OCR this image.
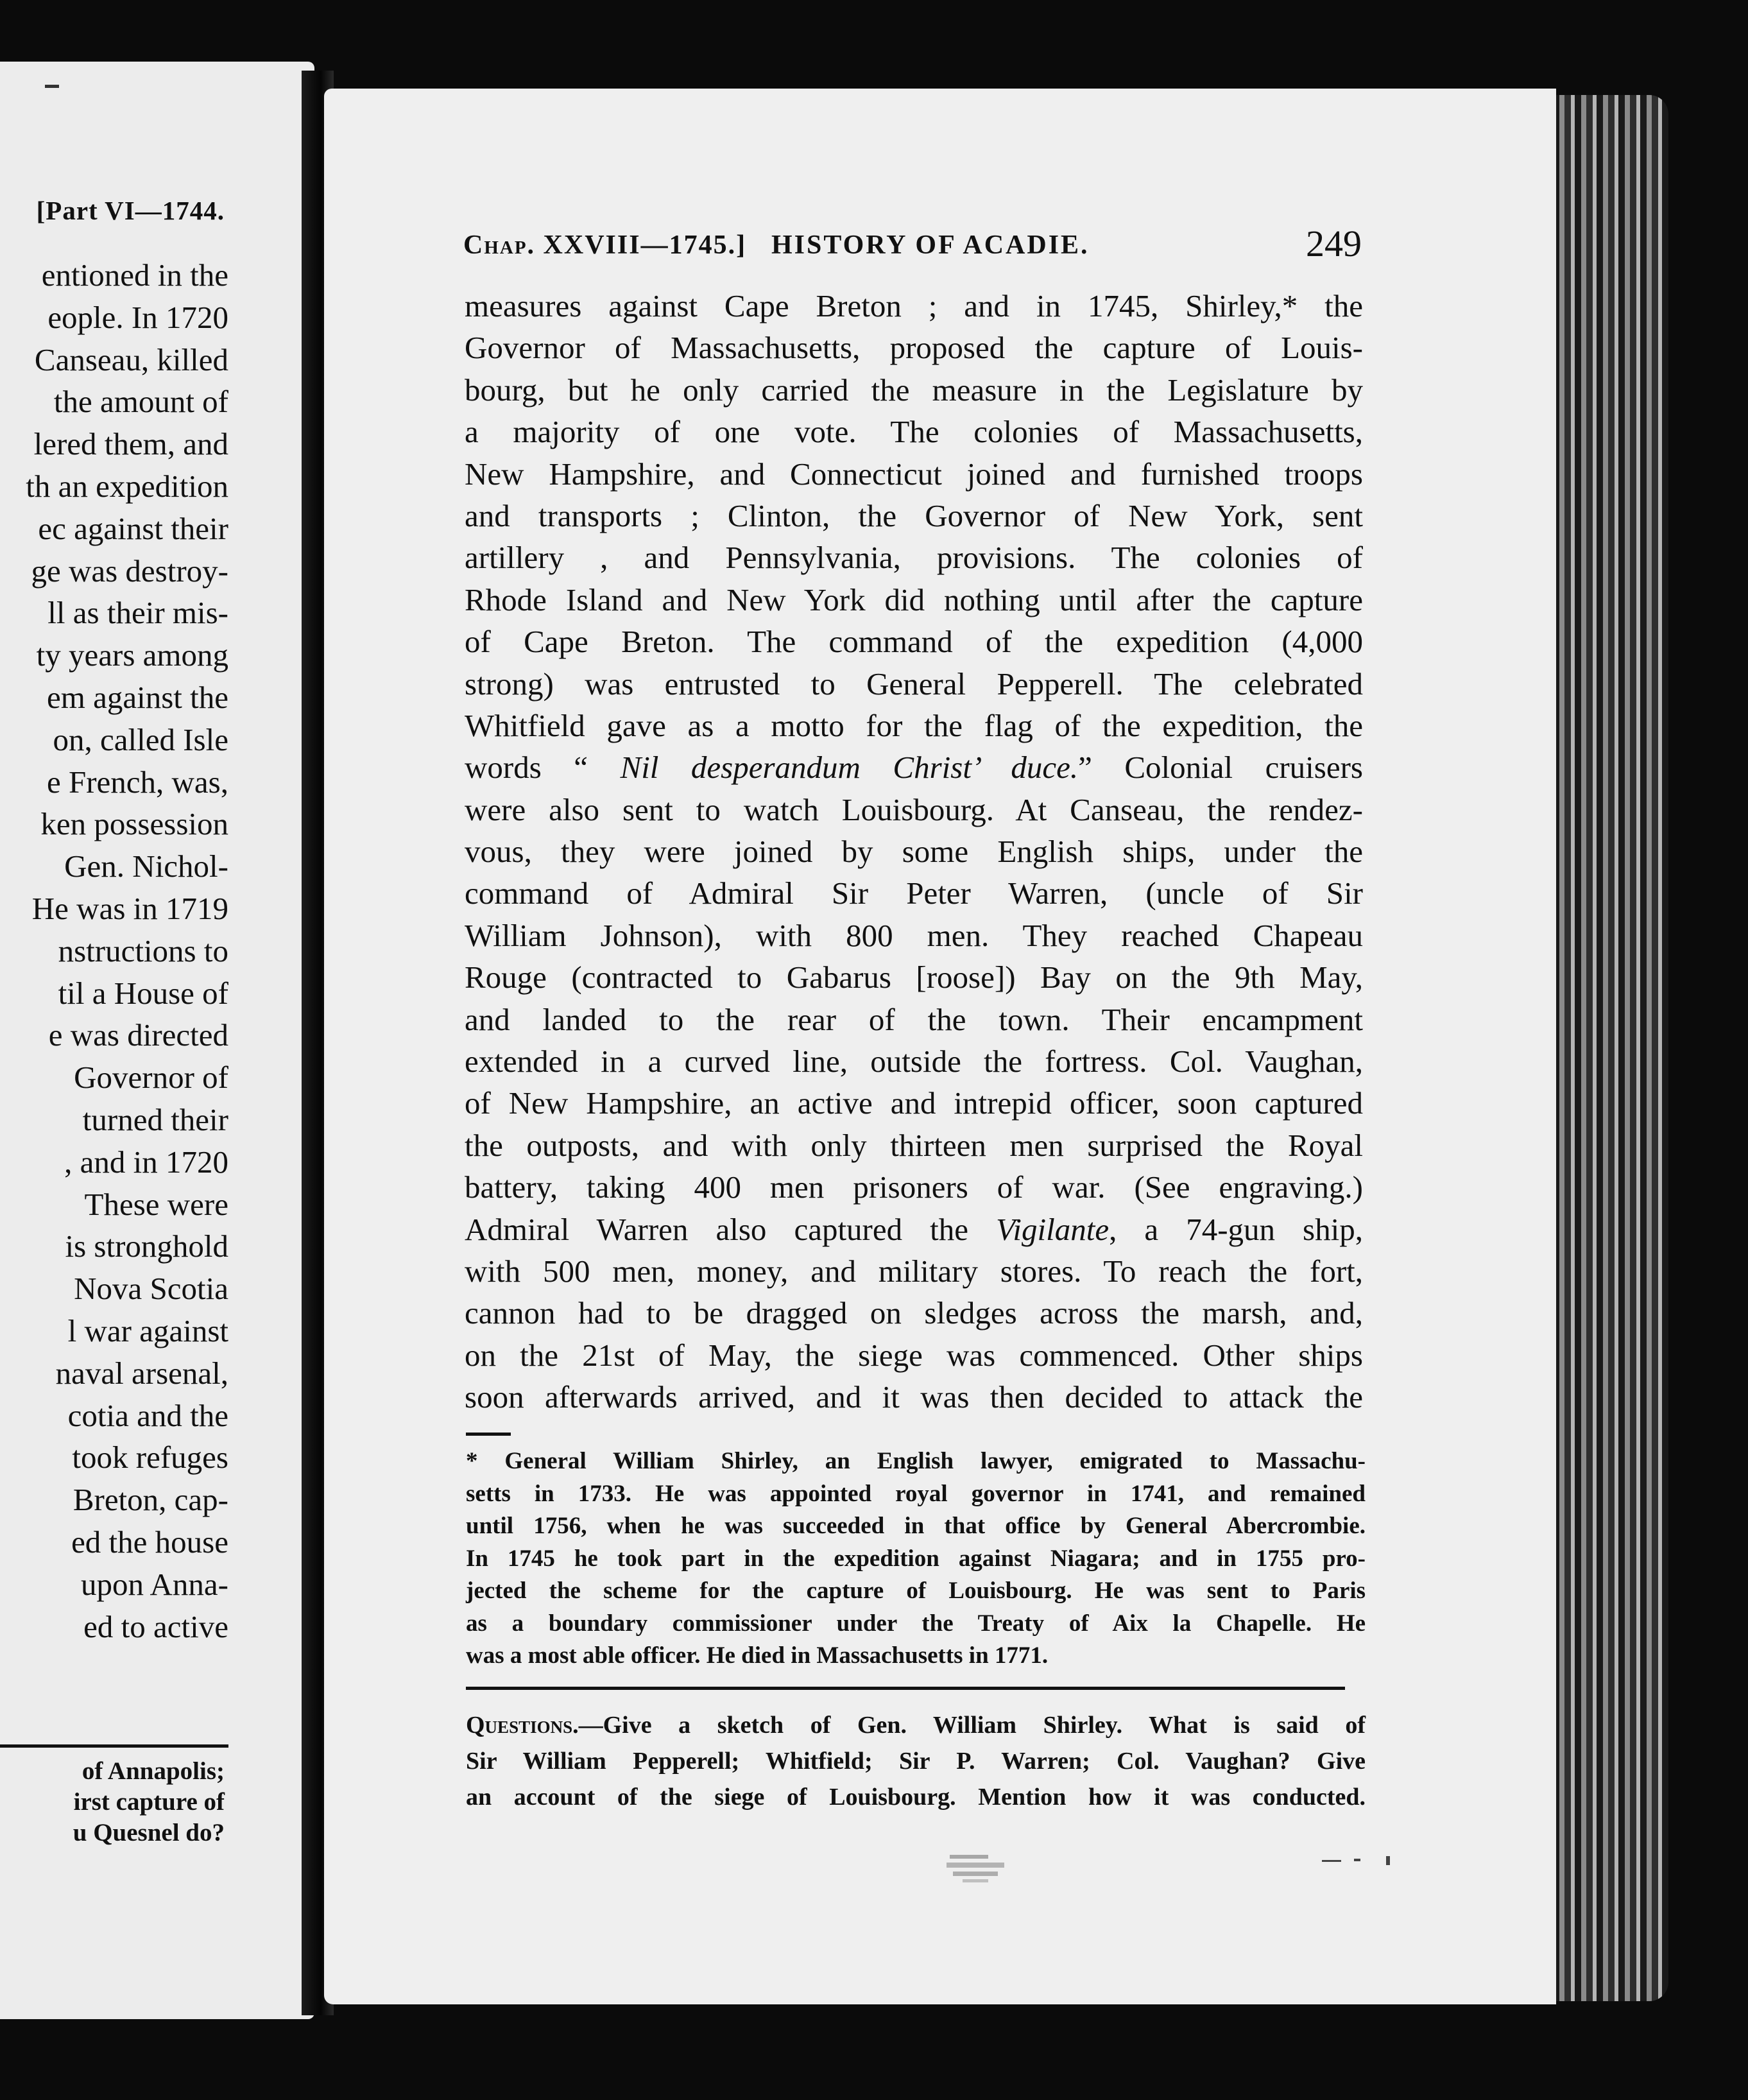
[Part VI—1744.
entioned in the
eople. In 1720
Canseau, killed
the amount of
lered them, and
th an expedition
ec against their
ge was destroy-
ll as their mis-
ty years among
em against the
on, called Isle
e French, was,
ken possession
Gen. Nichol-
He was in 1719
nstructions to
til a House of
e was directed
Governor of
turned their
, and in 1720
These were
is stronghold
Nova Scotia
l war against
naval arsenal,
cotia and the
took refuges
Breton, cap-
ed the house
upon Anna-
ed to active
of Annapolis;
irst capture of
u Quesnel do?
Chap. XXVIII—1745.] HISTORY OF ACADIE.	249
measures against Cape Breton ; and in 1745, Shirley,* the
Governor of Massachusetts, proposed the capture of Louis-
bourg, but he only carried the measure in the Legislature by
a majority of one vote. The colonies of Massachusetts,
New Hampshire, and Connecticut joined and furnished troops
and transports ; Clinton, the Governor of New York, sent
artillery , and Pennsylvania, provisions. The colonies of
Rhode Island and New York did nothing until after the capture
of Cape Breton. The command of the expedition (4,000
strong) was entrusted to General Pepperell. The celebrated
Whitfield gave as a motto for the flag of the expedition, the
words “ Nil desperandum Christ’ duce.” Colonial cruisers
were also sent to watch Louisbourg. At Canseau, the rendez-
vous, they were joined by some English ships, under the
command of Admiral Sir Peter Warren, (uncle of Sir
William Johnson), with 800 men. They reached Chapeau
Rouge (contracted to Gabarus [roose]) Bay on the 9th May,
and landed to the rear of the town. Their encampment
extended in a curved line, outside the fortress. Col. Vaughan,
of New Hampshire, an active and intrepid officer, soon captured
the outposts, and with only thirteen men surprised the Royal
battery, taking 400 men prisoners of war. (See engraving.)
Admiral Warren also captured the Vigilante, a 74-gun ship,
with 500 men, money, and military stores. To reach the fort,
cannon had to be dragged on sledges across the marsh, and,
on the 21st of May, the siege was commenced. Other ships
soon afterwards arrived, and it was then decided to attack the
* General William Shirley, an English lawyer, emigrated to Massachu-
setts in 1733. He was appointed royal governor in 1741, and remained
until 1756, when he was succeeded in that office by General Abercrombie.
In 1745 he took part in the expedition against Niagara; and in 1755 pro-
jected the scheme for the capture of Louisbourg. He was sent to Paris
as a boundary commissioner under the Treaty of Aix la Chapelle. He
was a most able officer. He died in Massachusetts in 1771.
Questions.—Give a sketch of Gen. William Shirley. What is said of
Sir William Pepperell; Whitfield; Sir P. Warren; Col. Vaughan? Give
an account of the siege of Louisbourg. Mention how it was conducted.
